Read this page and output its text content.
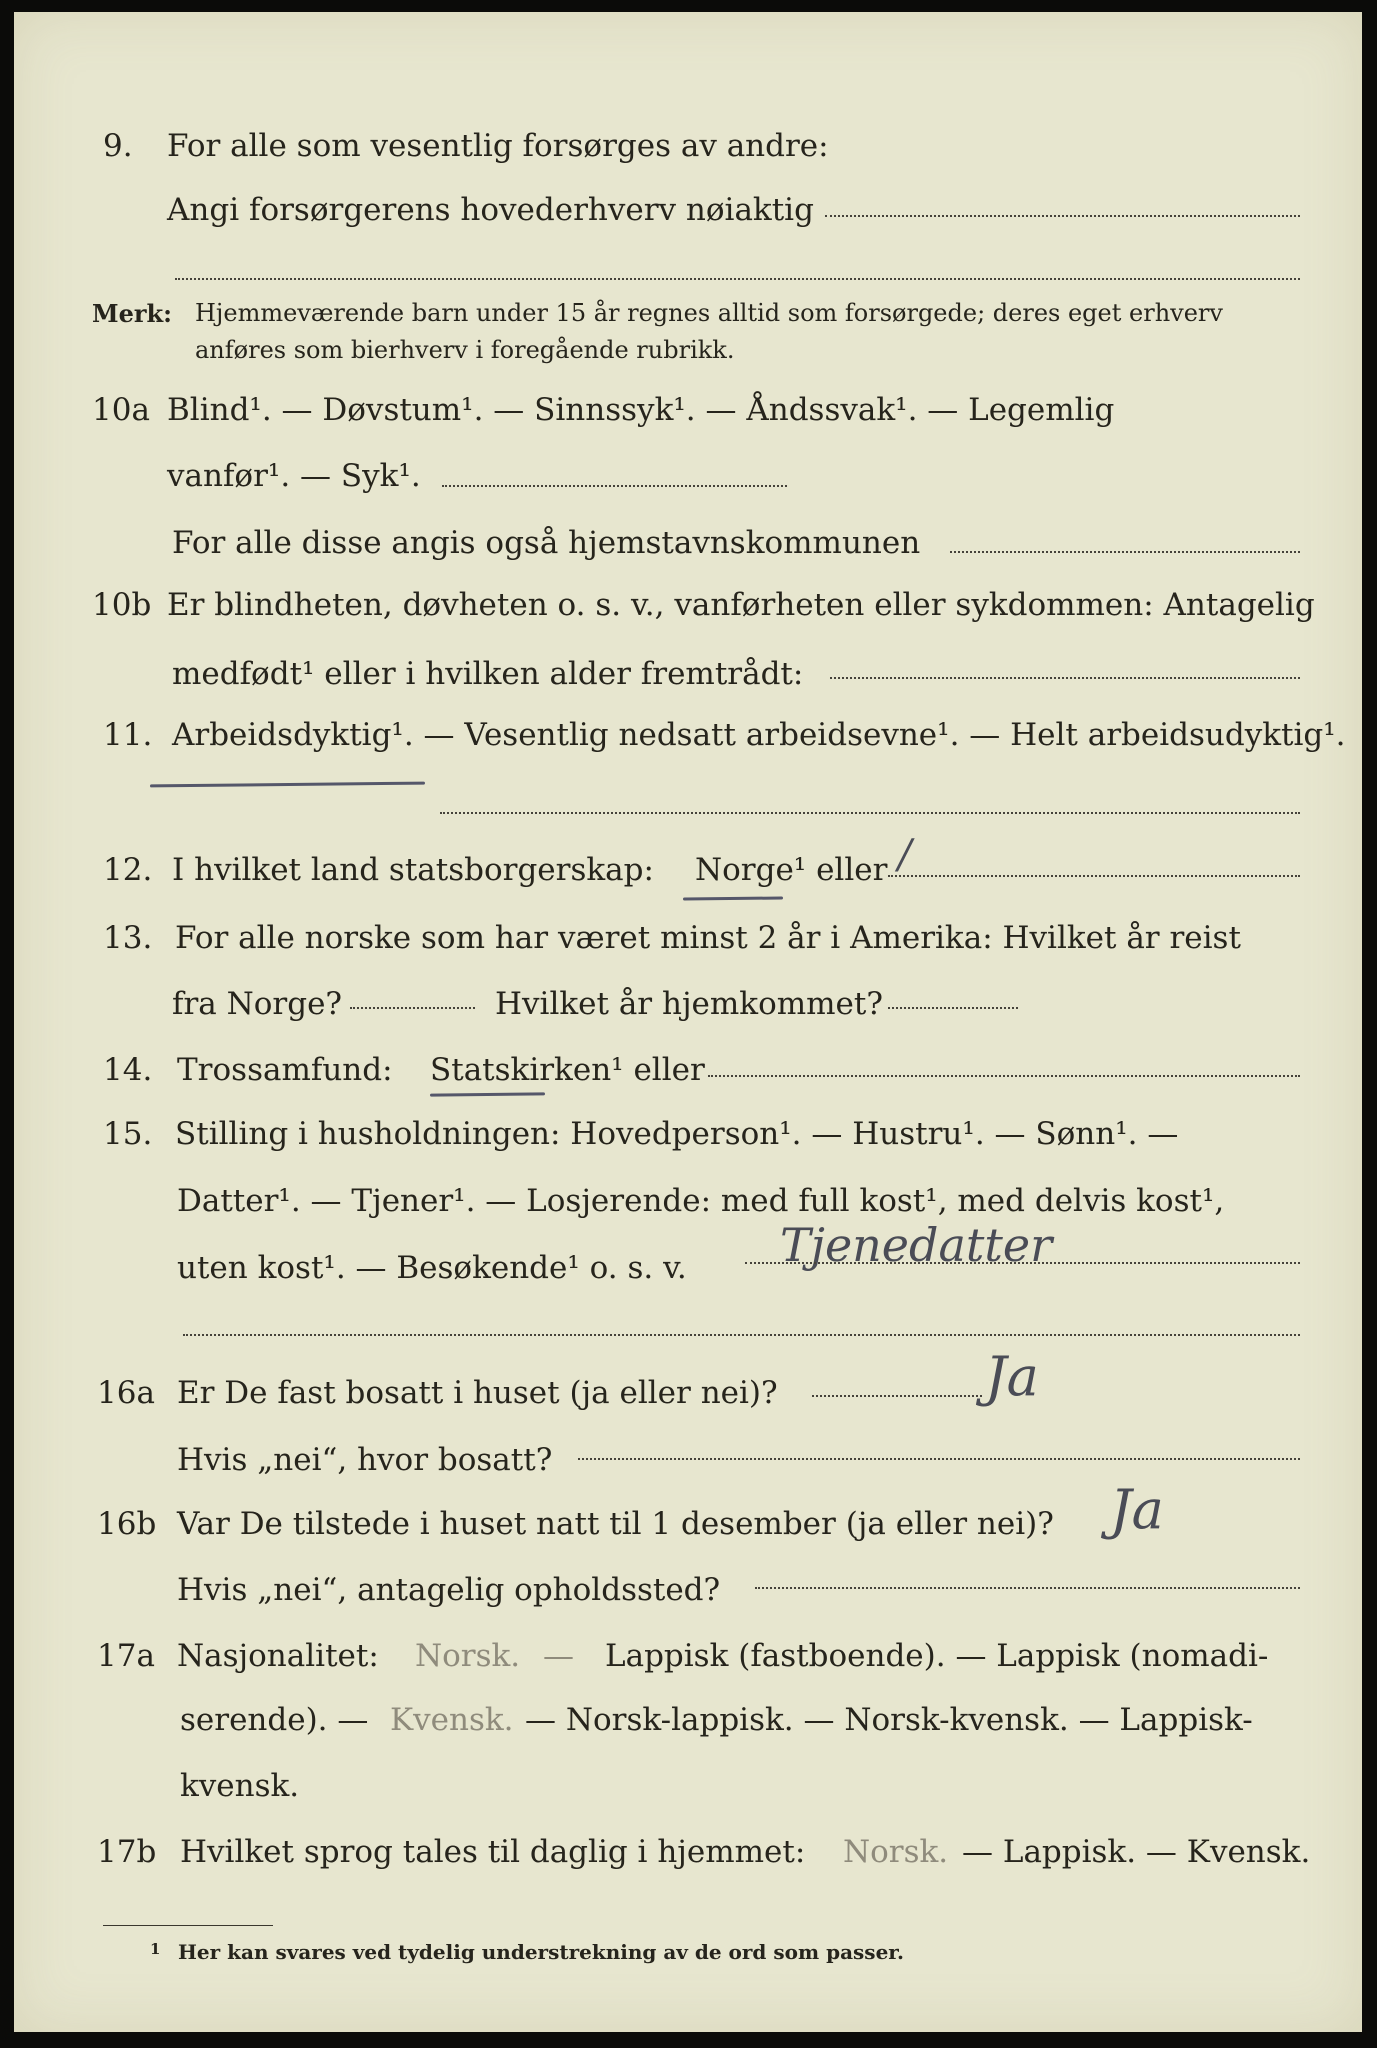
9. For alle som vesentlig forsørges av andre:
Angi forsørgerens hovederhverv nøiaktig
Merk: Hjemmeværende barn under 15 år regnes alltid som forsørgede; deres eget erhverv
anføres som bierhverv i foregående rubrikk.
10a Blind¹. — Døvstum¹. — Sinnssyk¹. — Åndssvak¹. — Legemlig
vanfør¹. — Syk¹.
For alle disse angis også hjemstavnskommunen
10b Er blindheten, døvheten o. s. v., vanførheten eller sykdommen: Antagelig
medfødt¹ eller i hvilken alder fremtrådt:
11. Arbeidsdyktig¹. — Vesentlig nedsatt arbeidsevne¹. — Helt arbeidsudyktig¹.
12. I hvilket land statsborgerskap: Norge¹ eller /
13. For alle norske som har været minst 2 år i Amerika: Hvilket år reist
fra Norge?	Hvilket år hjemkommet?
14. Trossamfund: Statskirken¹ eller
15. Stilling i husholdningen: Hovedperson¹. — Hustru¹. — Sønn¹. —
Datter¹. — Tjener¹. — Losjerende: med full kost¹, med delvis kost¹,
uten kost¹. — Besøkende¹ o. s. v. Tjenedatter
16a Er De fast bosatt i huset (ja eller nei)?	Ja
Hvis „nei“, hvor bosatt?
16b Var De tilstede i huset natt til 1 desember (ja eller nei)? Ja
Hvis „nei“, antagelig opholdssted?
17a Nasjonalitet: Norsk. — Lappisk (fastboende). — Lappisk (nomadi-
serende). — Kvensk. — Norsk-lappisk. — Norsk-kvensk. — Lappisk-
kvensk.
17b Hvilket sprog tales til daglig i hjemmet: Norsk. — Lappisk. — Kvensk.
1 Her kan svares ved tydelig understrekning av de ord som passer.
